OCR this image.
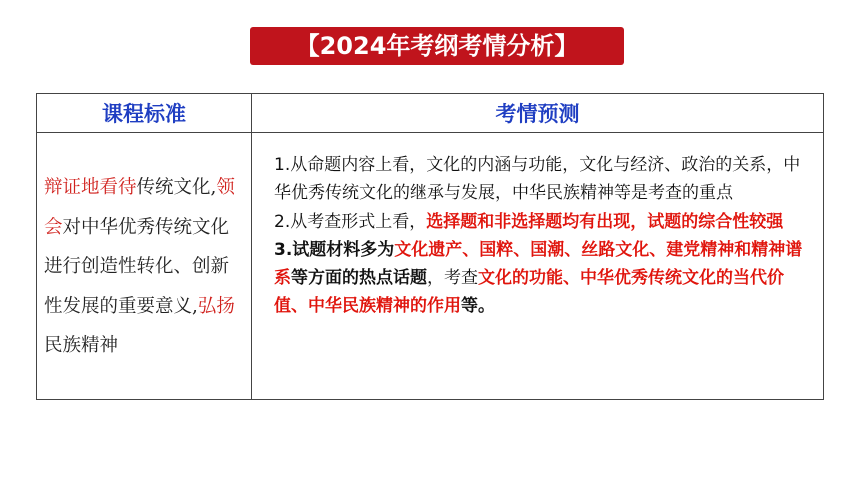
【2024年考纲考情分析】
课程标准	考情预测

辩证地看待传统文化,领会对中华优秀传统文化进行创造性转化、创新性发展的重要意义,弘扬民族精神	1.从命题内容上看，文化的内涵与功能，文化与经济、政治的关系，中华优秀传统文化的继承与发展，中华民族精神等是考查的重点

2.从考查形式上看，选择题和非选择题均有出现，试题的综合性较强

3.试题材料多为文化遗产、国粹、国潮、丝路文化、建党精神和精神谱系等方面的热点话题，考查文化的功能、中华优秀传统文化的当代价值、中华民族精神的作用等。
